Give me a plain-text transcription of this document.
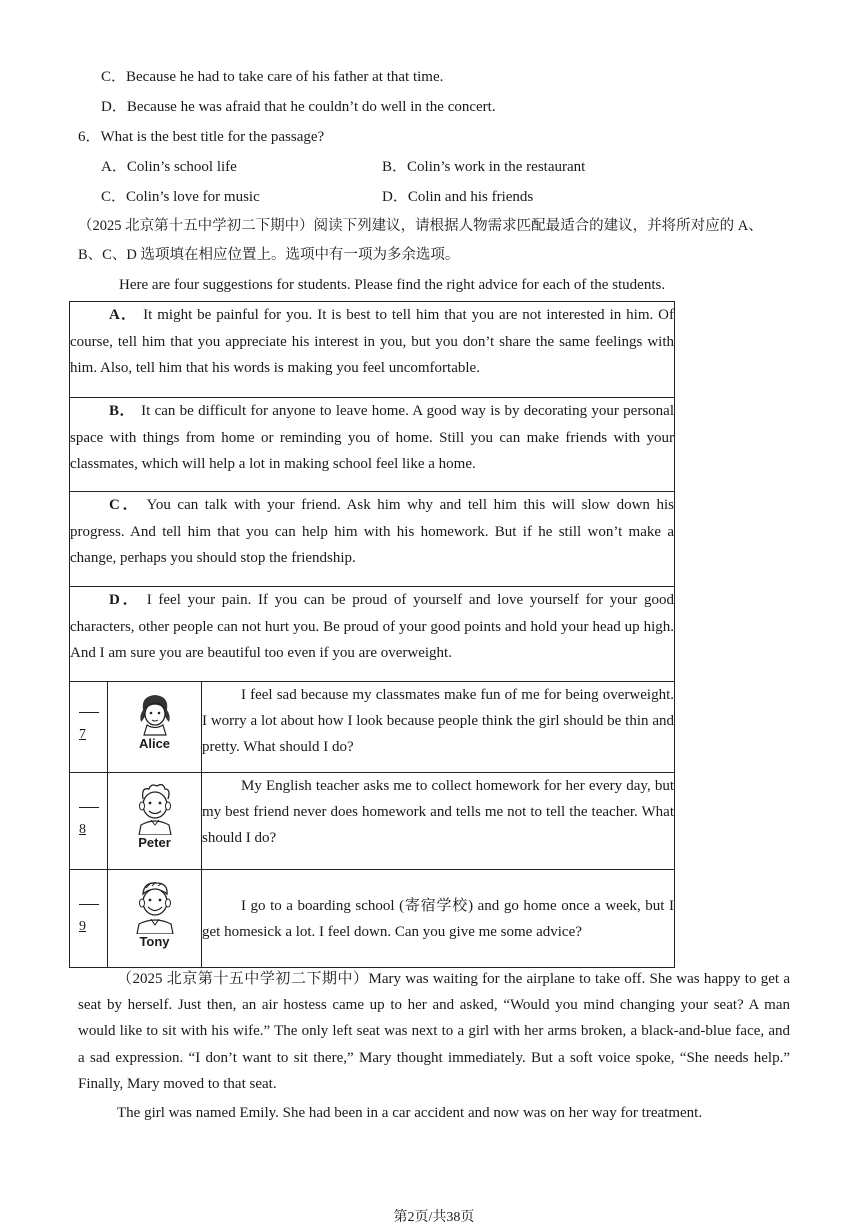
C．Because he had to take care of his father at that time.
D．Because he was afraid that he couldn’t do well in the concert.
6．What is the best title for the passage?
A．Colin’s school life	B．Colin’s work in the restaurant
C．Colin’s love for music	D．Colin and his friends
（2025 北京第十五中学初二下期中）阅读下列建议，请根据人物需求匹配最适合的建议，并将所对应的 A、
B、C、D 选项填在相应位置上。选项中有一项为多余选项。
Here are four suggestions for students. Please find the right advice for each of the students.
A． It might be painful for you. It is best to tell him that you are not interested in him. Of course, tell him that you appreciate his interest in you, but you don’t share the same feelings with him. Also, tell him that his words is making you feel uncomfortable.		

B． It can be difficult for anyone to leave home. A good way is by decorating your personal space with things from home or reminding you of home. Still you can make friends with your classmates, which will help a lot in making school feel like a home.		

C． You can talk with your friend. Ask him why and tell him this will slow down his progress. And tell him that you can help him with his homework. But if he still won’t make a change, perhaps you should stop the friendship.		

D． I feel your pain. If you can be proud of yourself and love yourself for your good characters, other people can not hurt you. Be proud of your good points and hold your head up high. And I am sure you are beautiful too even if you are overweight.		

7	Alice	I feel sad because my classmates make fun of me for being overweight. I worry a lot about how I look because people think the girl should be thin and pretty. What should I do?

8	Peter	My English teacher asks me to collect homework for her every day, but my best friend never does homework and tells me not to tell the teacher. What should I do?

9	Tony	I go to a boarding school (寄宿学校) and go home once a week, but I get homesick a lot. I feel down. Can you give me some advice?
（2025 北京第十五中学初二下期中）Mary was waiting for the airplane to take off. She was happy to get a seat by herself. Just then, an air hostess came up to her and asked, “Would you mind changing your seat? A man would like to sit with his wife.” The only left seat was next to a girl with her arms broken, a black-and-blue face, and a sad expression. “I don’t want to sit there,” Mary thought immediately. But a soft voice spoke, “She needs help.” Finally, Mary moved to that seat.
The girl was named Emily. She had been in a car accident and now was on her way for treatment.
第2页/共38页
